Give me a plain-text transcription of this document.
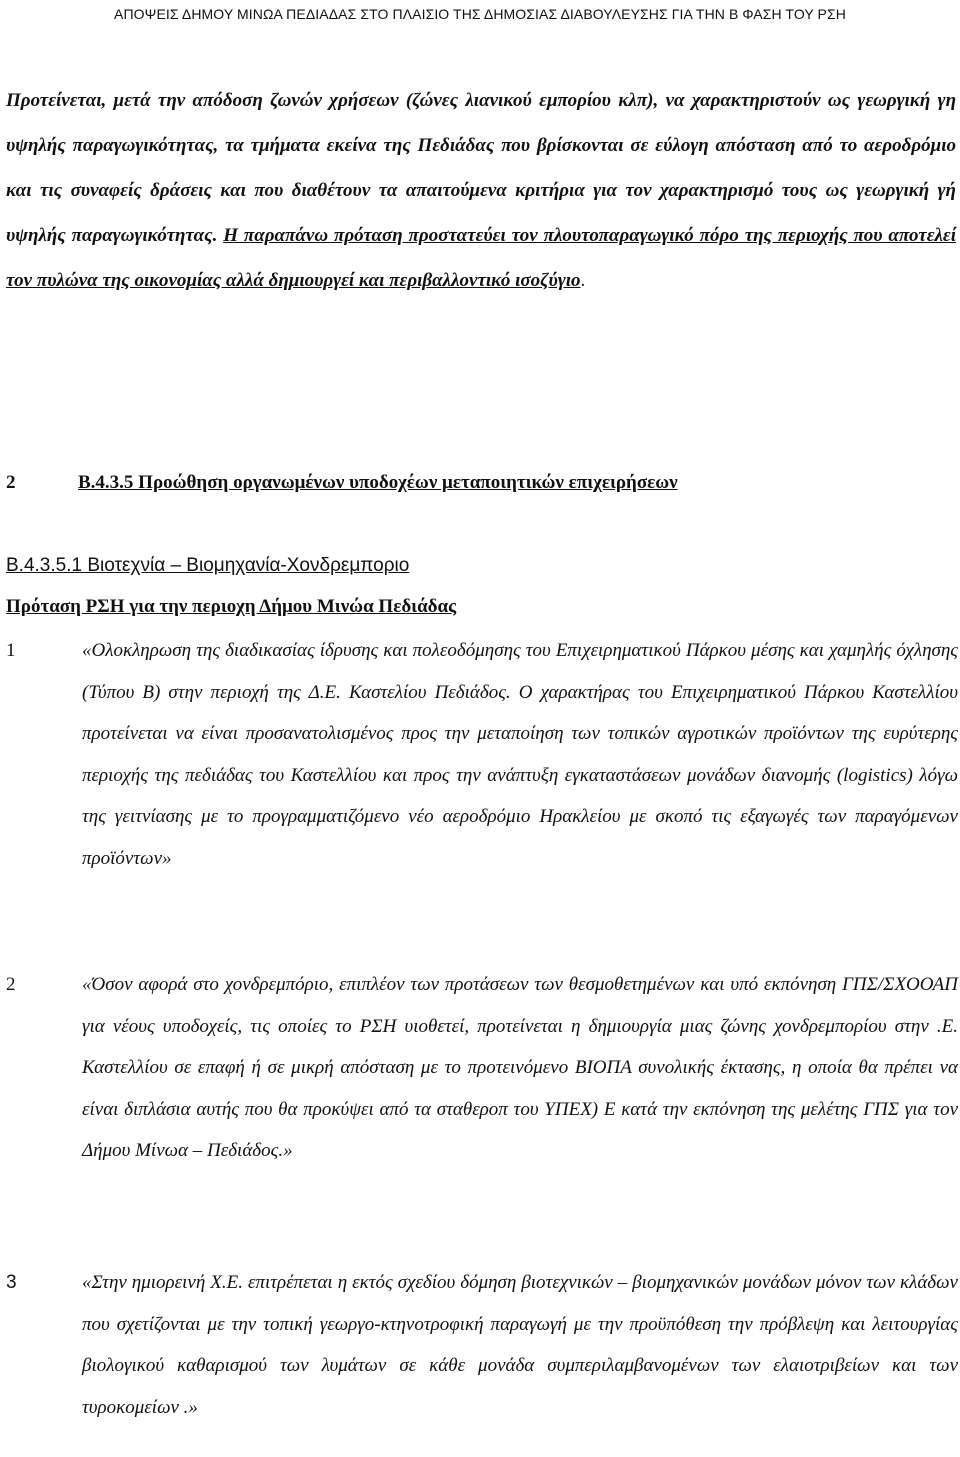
ΑΠΟΨΕΙΣ ΔΗΜΟΥ ΜΙΝΩΑ ΠΕΔΙΑΔΑΣ ΣΤΟ ΠΛΑΙΣΙΟ ΤΗΣ ΔΗΜΟΣΙΑΣ ΔΙΑΒΟΥΛΕΥΣΗΣ ΓΙΑ ΤΗΝ Β ΦΑΣΗ ΤΟΥ ΡΣΗ

Προτείνεται, μετά την απόδοση ζωνών χρήσεων (ζώνες λιανικού εμπορίου κλπ), να χαρακτηριστούν ως γεωργική γη υψηλής παραγωγικότητας, τα τμήματα εκείνα της Πεδιάδας που βρίσκονται σε εύλογη απόσταση από το αεροδρόμιο και τις συναφείς δράσεις και που διαθέτουν τα απαιτούμενα κριτήρια για τον χαρακτηρισμό τους ως γεωργική γή υψηλής παραγωγικότητας. Η παραπάνω πρόταση προστατεύει τον πλουτοπαραγωγικό πόρο της περιοχής που αποτελεί τον πυλώνα της οικονομίας αλλά δημιουργεί και περιβαλλοντικό ισοζύγιο.

2	Β.4.3.5 Προώθηση οργανωμένων υποδοχέων μεταποιητικών επιχειρήσεων
Β.4.3.5.1 Βιοτεχνία – Βιομηχανία-Χονδρεμποριο
Πρόταση ΡΣΗ για την περιοχη Δήμου Μινώα Πεδιάδας
1	«Ολοκληρωση της διαδικασίας ίδρυσης και πολεοδόμησης του Επιχειρηματικού Πάρκου μέσης και χαμηλής όχλησης (Τύπου Β) στην περιοχή της Δ.Ε. Καστελίου Πεδιάδος. Ο χαρακτήρας του Επιχειρηματικού Πάρκου Καστελλίου προτείνεται να είναι προσανατολισμένος προς την μεταποίηση των τοπικών αγροτικών προϊόντων της ευρύτερης περιοχής της πεδιάδας του Καστελλίου και προς την ανάπτυξη εγκαταστάσεων μονάδων διανομής (logistics) λόγω της γειτνίασης με το προγραμματιζόμενο νέο αεροδρόμιο Ηρακλείου με σκοπό τις εξαγωγές των παραγόμενων προϊόντων»
2	«Όσον αφορά στο χονδρεμπόριο, επιπλέον των προτάσεων των θεσμοθετημένων και υπό εκπόνηση ΓΠΣ/ΣΧΟΟΑΠ για νέους υποδοχείς, τις οποίες το ΡΣΗ υιοθετεί, προτείνεται η δημιουργία μιας ζώνης χονδρεμπορίου στην .Ε. Καστελλίου σε επαφή ή σε μικρή απόσταση με το προτεινόμενο ΒΙΟΠΑ συνολικής έκτασης, η οποία θα πρέπει να είναι διπλάσια αυτής που θα προκύψει από τα σταθεροπ του ΥΠΕΧ) Ε κατά την εκπόνηση της μελέτης ΓΠΣ για τον Δήμου Μίνωα – Πεδιάδος.»
3	«Στην ημιορεινή Χ.Ε. επιτρέπεται η εκτός σχεδίου δόμηση βιοτεχνικών – βιομηχανικών μονάδων μόνον των κλάδων που σχετίζονται με την τοπική γεωργο-κτηνοτροφική παραγωγή με την προϋπόθεση την πρόβλεψη και λειτουργίας βιολογικού καθαρισμού των λυμάτων σε κάθε μονάδα συμπεριλαμβανομένων των ελαιοτριβείων και των τυροκομείων .»
